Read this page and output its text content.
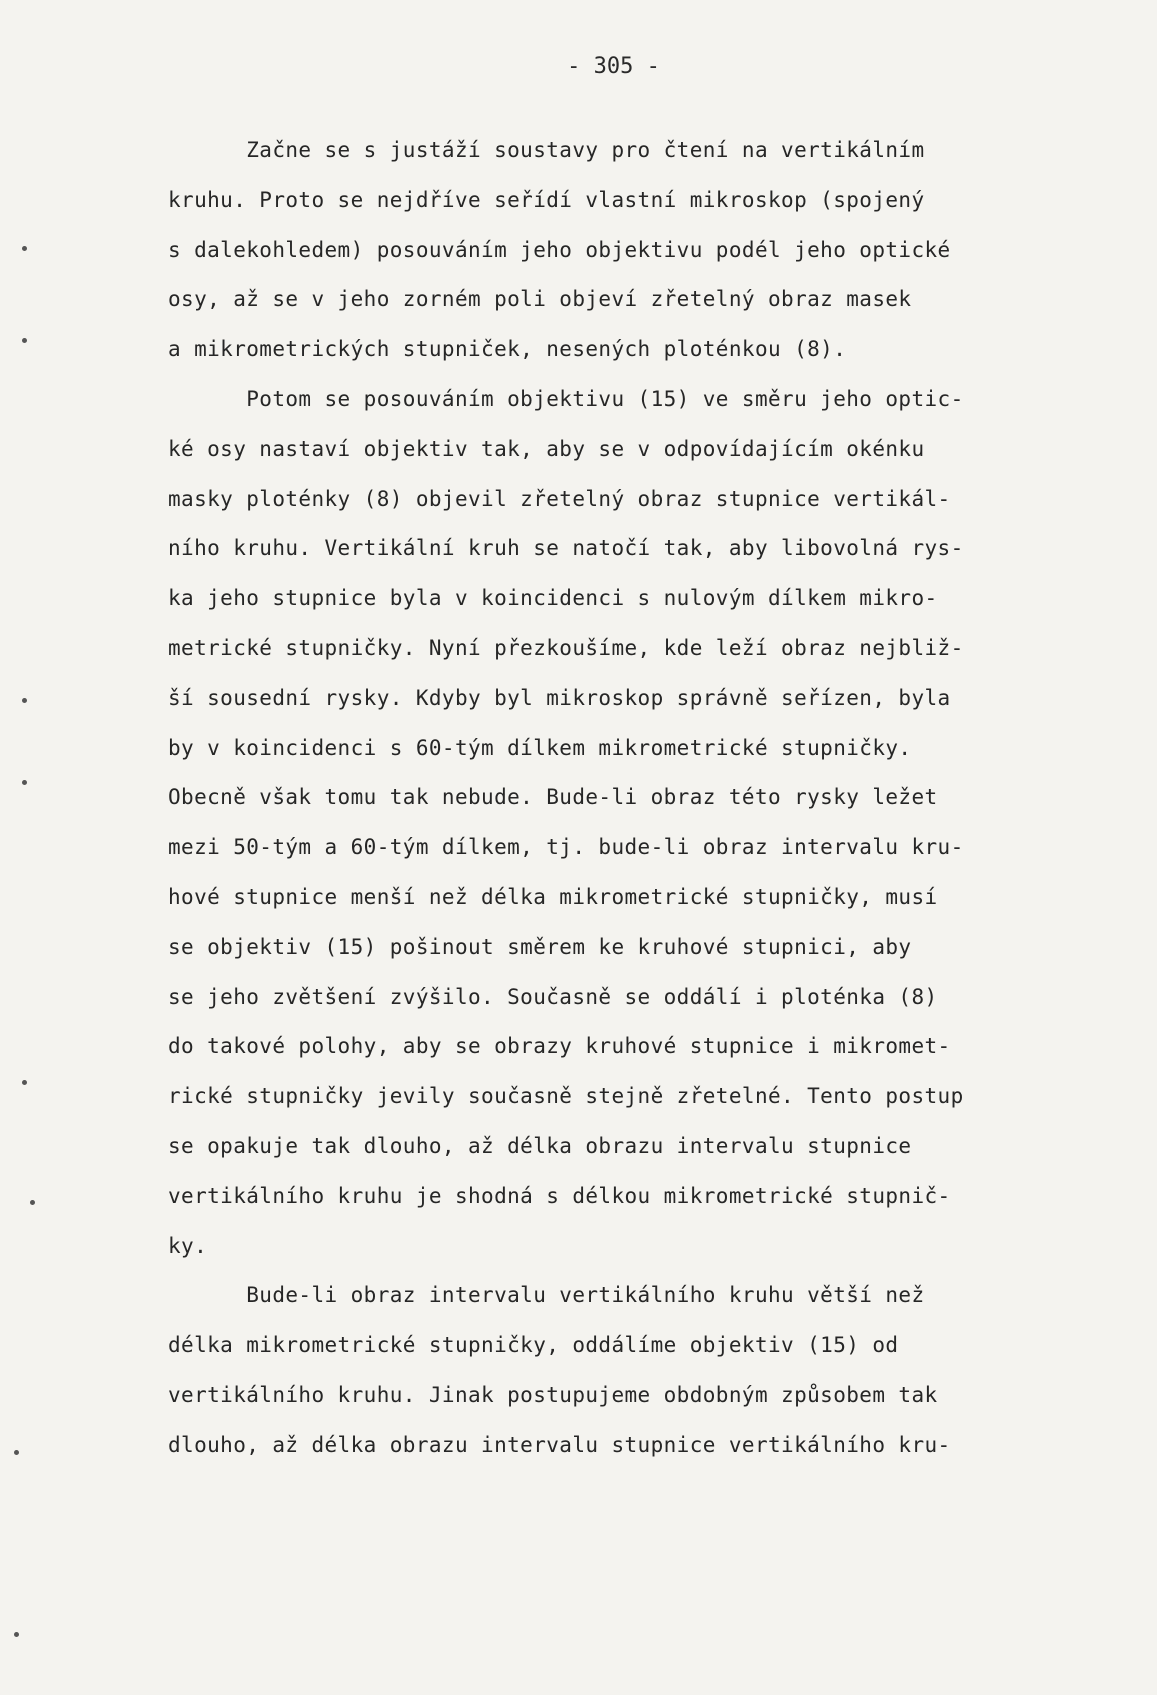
- 305 -
Začne se s justáží soustavy pro čtení na vertikálním
kruhu. Proto se nejdříve seřídí vlastní mikroskop (spojený
s dalekohledem) posouváním jeho objektivu podél jeho optické
osy, až se v jeho zorném poli objeví zřetelný obraz masek
a mikrometrických stupniček, nesených ploténkou (8).
Potom se posouváním objektivu (15) ve směru jeho optic-
ké osy nastaví objektiv tak, aby se v odpovídajícím okénku
masky ploténky (8) objevil zřetelný obraz stupnice vertikál-
ního kruhu. Vertikální kruh se natočí tak, aby libovolná rys-
ka jeho stupnice byla v koincidenci s nulovým dílkem mikro-
metrické stupničky. Nyní přezkoušíme, kde leží obraz nejbliž-
ší sousední rysky. Kdyby byl mikroskop správně seřízen, byla
by v koincidenci s 60-tým dílkem mikrometrické stupničky.
Obecně však tomu tak nebude. Bude-li obraz této rysky ležet
mezi 50-tým a 60-tým dílkem, tj. bude-li obraz intervalu kru-
hové stupnice menší než délka mikrometrické stupničky, musí
se objektiv (15) pošinout směrem ke kruhové stupnici, aby
se jeho zvětšení zvýšilo. Současně se oddálí i ploténka (8)
do takové polohy, aby se obrazy kruhové stupnice i mikromet-
rické stupničky jevily současně stejně zřetelné. Tento postup
se opakuje tak dlouho, až délka obrazu intervalu stupnice
vertikálního kruhu je shodná s délkou mikrometrické stupnič-
ky.
Bude-li obraz intervalu vertikálního kruhu větší než
délka mikrometrické stupničky, oddálíme objektiv (15) od
vertikálního kruhu. Jinak postupujeme obdobným způsobem tak
dlouho, až délka obrazu intervalu stupnice vertikálního kru-
